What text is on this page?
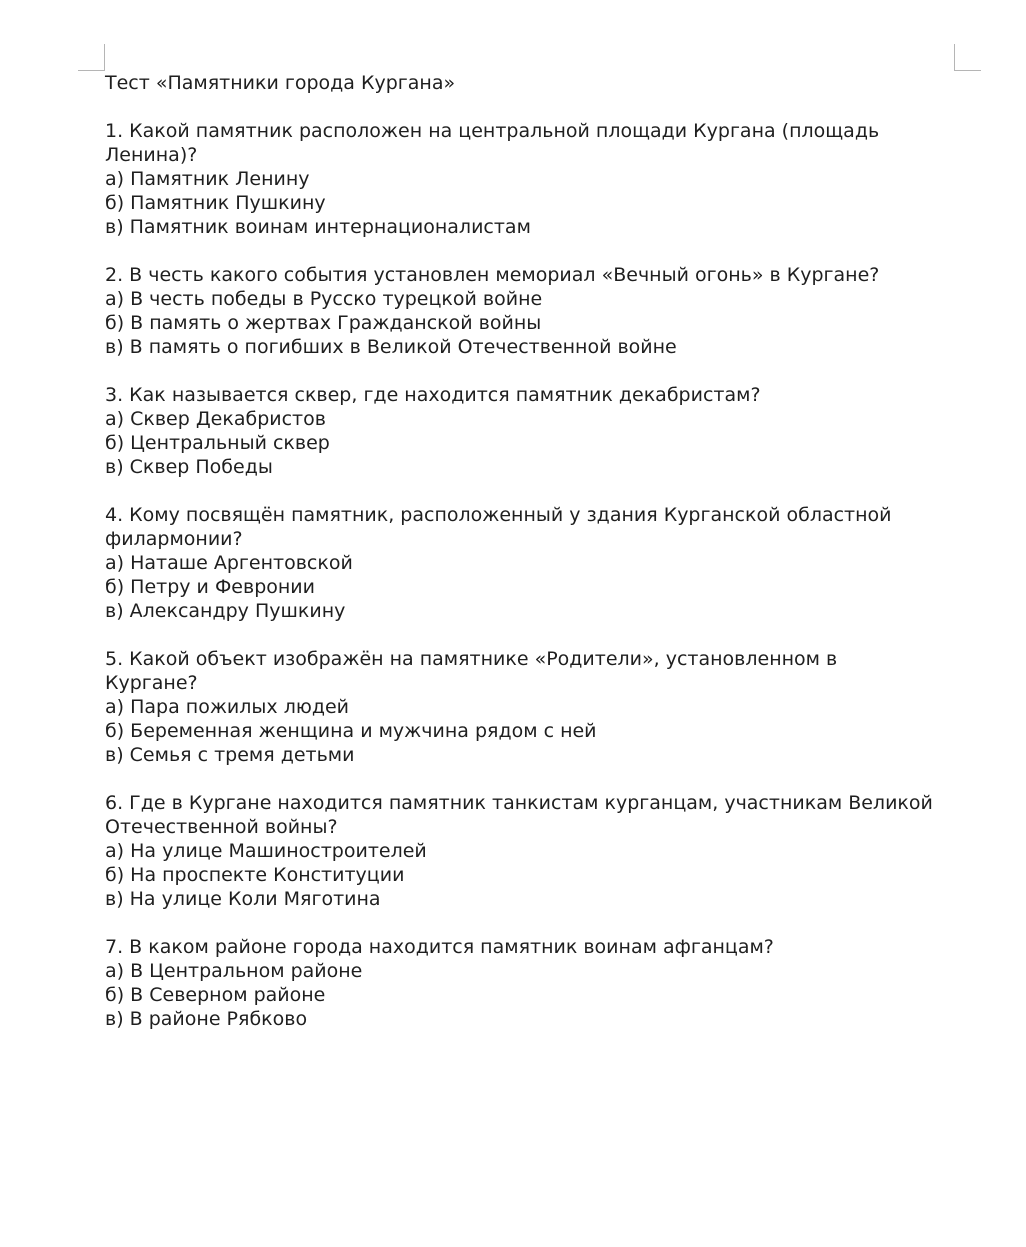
Тест «Памятники города Кургана»

1. Какой памятник расположен на центральной площади Кургана (площадь Ленина)?

а) Памятник Ленину

б) Памятник Пушкину

в) Памятник воинам интернационалистам

2. В честь какого события установлен мемориал «Вечный огонь» в Кургане?

а) В честь победы в Русско турецкой войне

б) В память о жертвах Гражданской войны

в) В память о погибших в Великой Отечественной войне

3. Как называется сквер, где находится памятник декабристам?

а) Сквер Декабристов

б) Центральный сквер

в) Сквер Победы

4. Кому посвящён памятник, расположенный у здания Курганской областной филармонии?

а) Наташе Аргентовской

б) Петру и Февронии

в) Александру Пушкину

5. Какой объект изображён на памятнике «Родители», установленном в Кургане?

а) Пара пожилых людей

б) Беременная женщина и мужчина рядом с ней

в) Семья с тремя детьми

6. Где в Кургане находится памятник танкистам курганцам, участникам Великой Отечественной войны?

а) На улице Машиностроителей

б) На проспекте Конституции

в) На улице Коли Мяготина

7. В каком районе города находится памятник воинам афганцам?

а) В Центральном районе

б) В Северном районе

в) В районе Рябково
